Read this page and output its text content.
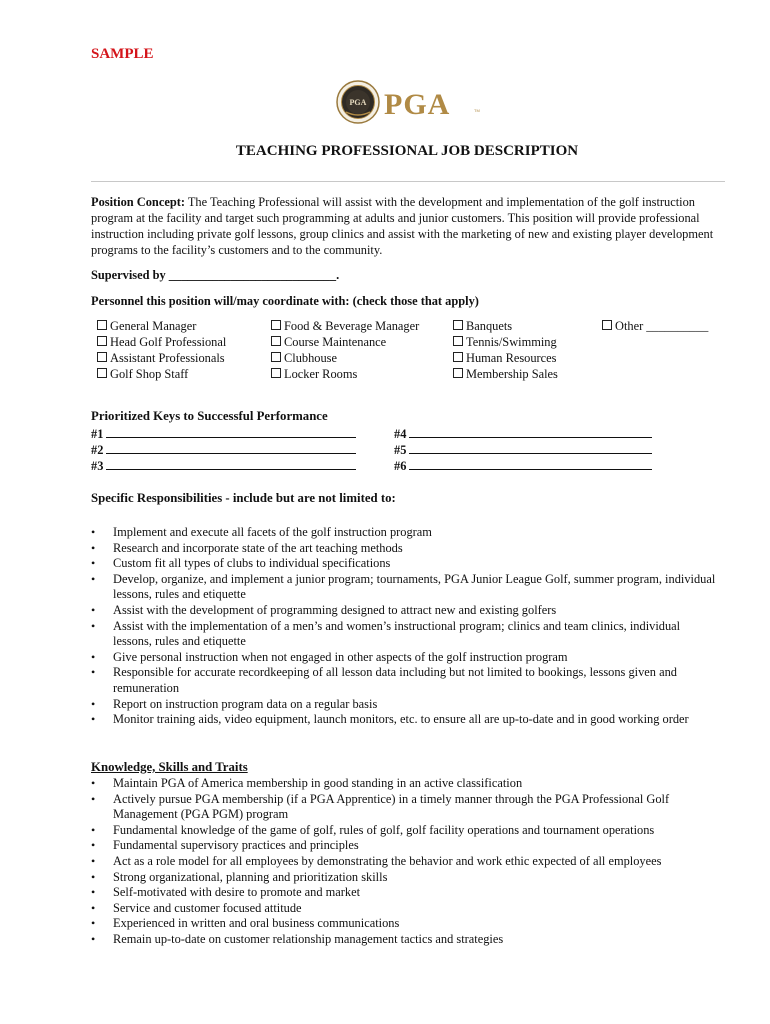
SAMPLE
PGA PGA	TM
TEACHING PROFESSIONAL JOB DESCRIPTION
Position Concept: The Teaching Professional will assist with the development and implementation of the golf instruction program at the facility and target such programming at adults and junior customers. This position will provide professional instruction including private golf lessons, group clinics and assist with the marketing of new and existing player development programs to the facility’s customers and to the community.
Supervised by ___________________________.
Personnel this position will/may coordinate with: (check those that apply)
General Manager
Head Golf Professional
Assistant Professionals
Golf Shop Staff
Food & Beverage Manager
Course Maintenance
Clubhouse
Locker Rooms
Banquets
Tennis/Swimming
Human Resources
Membership Sales
Other __________
Prioritized Keys to Successful Performance
#1
#2
#3
#4
#5
#6
Specific Responsibilities - include but are not limited to:
• Implement and execute all facets of the golf instruction program
• Research and incorporate state of the art teaching methods
• Custom fit all types of clubs to individual specifications
• Develop, organize, and implement a junior program; tournaments, PGA Junior League Golf, summer program, individual lessons, rules and etiquette
• Assist with the development of programming designed to attract new and existing golfers
• Assist with the implementation of a men’s and women’s instructional program; clinics and team clinics, individual lessons, rules and etiquette
• Give personal instruction when not engaged in other aspects of the golf instruction program
• Responsible for accurate recordkeeping of all lesson data including but not limited to bookings, lessons given and remuneration
• Report on instruction program data on a regular basis
• Monitor training aids, video equipment, launch monitors, etc. to ensure all are up-to-date and in good working order
Knowledge, Skills and Traits
• Maintain PGA of America membership in good standing in an active classification
• Actively pursue PGA membership (if a PGA Apprentice) in a timely manner through the PGA Professional Golf Management (PGA PGM) program
• Fundamental knowledge of the game of golf, rules of golf, golf facility operations and tournament operations
• Fundamental supervisory practices and principles
• Act as a role model for all employees by demonstrating the behavior and work ethic expected of all employees
• Strong organizational, planning and prioritization skills
• Self-motivated with desire to promote and market
• Service and customer focused attitude
• Experienced in written and oral business communications
• Remain up-to-date on customer relationship management tactics and strategies
